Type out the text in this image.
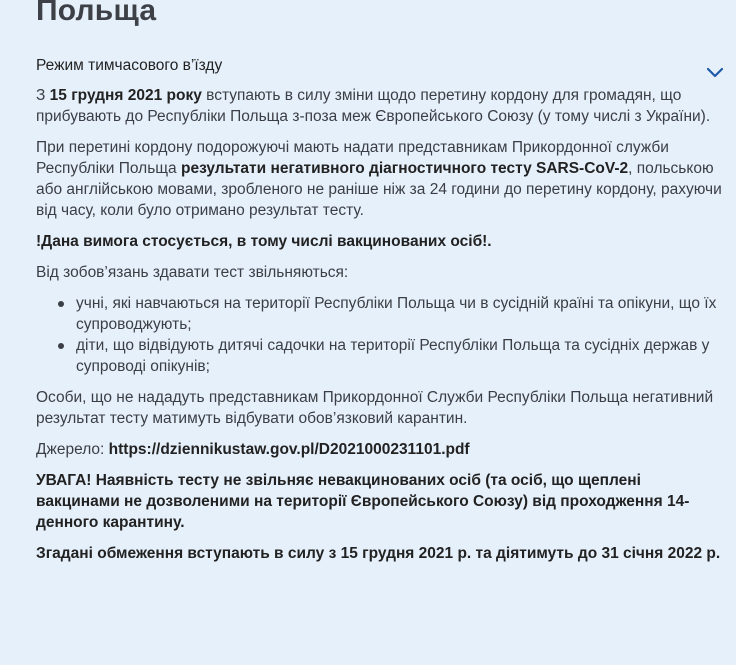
Польща
Режим тимчасового в’їзду

З 15 грудня 2021 року вступають в силу зміни щодо перетину кордону для громадян, що прибувають до Республіки Польща з-поза меж Європейського Союзу (у тому числі з України).

При перетині кордону подорожуючі мають надати представникам Прикордонної служби Республіки Польща результати негативного діагностичного тесту SARS-CoV-2, польською або англійською мовами, зробленого не раніше ніж за 24 години до перетину кордону, рахуючи від часу, коли було отримано результат тесту.

!Дана вимога стосується, в тому числі вакцинованих осіб!.

Від зобов’язань здавати тест звільняються:

учні, які навчаються на території Республіки Польща чи в сусідній країні та опікуни, що їх супроводжують;
діти, що відвідують дитячі садочки на території Республіки Польща та сусідніх держав у супроводі опікунів;

Особи, що не нададуть представникам Прикордонної Служби Республіки Польща негативний результат тесту матимуть відбувати обов’язковий карантин.

Джерело: https://dziennikustaw.gov.pl/D2021000231101.pdf

УВАГА! Наявність тесту не звільняє невакцинованих осіб (та осіб, що щеплені вакцинами не дозволеними на території Європейського Союзу) від проходження 14-денного карантину.

Згадані обмеження вступають в силу з 15 грудня 2021 р. та діятимуть до 31 січня 2022 р.
